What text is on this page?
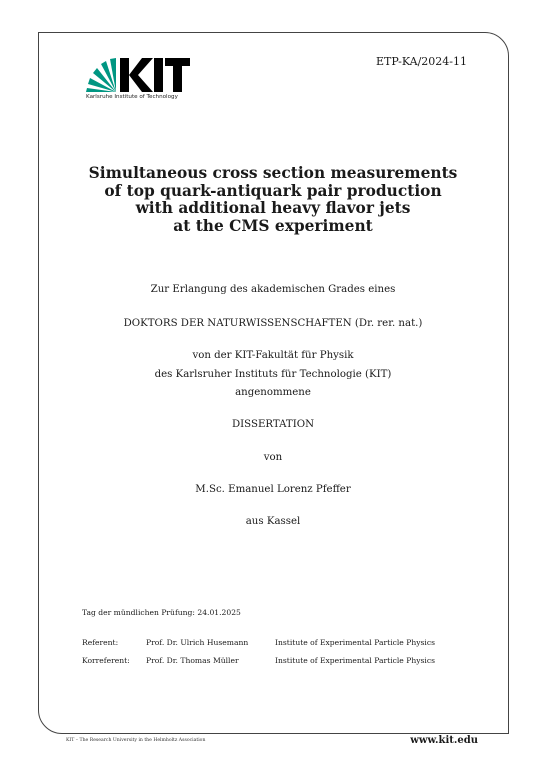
Karlsruhe Institute of Technology
ETP-KA/2024-11
Simultaneous cross section measurements
of top quark-antiquark pair production
with additional heavy flavor jets
at the CMS experiment
Zur Erlangung des akademischen Grades eines
DOKTORS DER NATURWISSENSCHAFTEN (Dr. rer. nat.)
von der KIT-Fakultät für Physik
des Karlsruher Instituts für Technologie (KIT)
angenommene
DISSERTATION
von
M.Sc. Emanuel Lorenz Pfeffer
aus Kassel
Tag der mündlichen Prüfung: 24.01.2025
Referent:	Prof. Dr. Ulrich Husemann	Institute of Experimental Particle Physics
Korreferent: Prof. Dr. Thomas Müller	Institute of Experimental Particle Physics
KIT – The Research University in the Helmholtz Association	www.kit.edu
